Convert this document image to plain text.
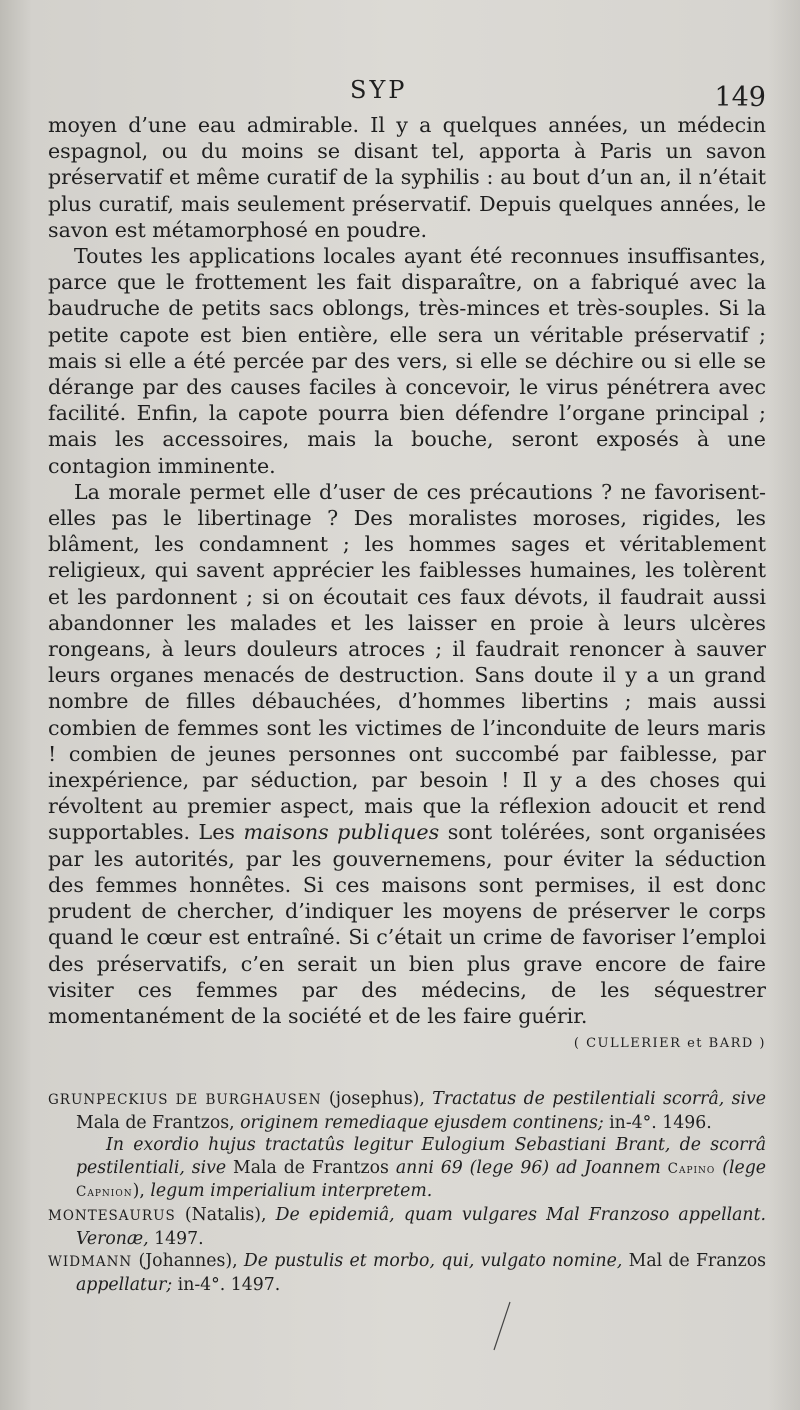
SYP	149

moyen d’une eau admirable. Il y a quelques années, un médecin espagnol, ou du moins se disant tel, apporta à Paris un savon préservatif et même curatif de la syphilis : au bout d’un an, il n’était plus curatif, mais seulement préservatif. Depuis quelques années, le savon est métamorphosé en poudre.

Toutes les applications locales ayant été reconnues insuffisantes, parce que le frottement les fait disparaître, on a fabriqué avec la baudruche de petits sacs oblongs, très-minces et très-souples. Si la petite capote est bien entière, elle sera un véritable préservatif ; mais si elle a été percée par des vers, si elle se déchire ou si elle se dérange par des causes faciles à concevoir, le virus pénétrera avec facilité. Enfin, la capote pourra bien défendre l’organe principal ; mais les accessoires, mais la bouche, seront exposés à une contagion imminente.

La morale permet elle d’user de ces précautions ? ne favorisent-elles pas le libertinage ? Des moralistes moroses, rigides, les blâment, les condamnent ; les hommes sages et véritablement religieux, qui savent apprécier les faiblesses humaines, les tolèrent et les pardonnent ; si on écoutait ces faux dévots, il faudrait aussi abandonner les malades et les laisser en proie à leurs ulcères rongeans, à leurs douleurs atroces ; il faudrait renoncer à sauver leurs organes menacés de destruction. Sans doute il y a un grand nombre de filles débauchées, d’hommes libertins ; mais aussi combien de femmes sont les victimes de l’inconduite de leurs maris ! combien de jeunes personnes ont succombé par faiblesse, par inexpérience, par séduction, par besoin ! Il y a des choses qui révoltent au premier aspect, mais que la réflexion adoucit et rend supportables. Les maisons publiques sont tolérées, sont organisées par les autorités, par les gouvernemens, pour éviter la séduction des femmes honnêtes. Si ces maisons sont permises, il est donc prudent de chercher, d’indiquer les moyens de préserver le corps quand le cœur est entraîné. Si c’était un crime de favoriser l’emploi des préservatifs, c’en serait un bien plus grave encore de faire visiter ces femmes par des médecins, de les séquestrer momentanément de la société et de les faire guérir.

( CULLERIER et BARD )

GRUNPECKIUS DE BURGHAUSEN (josephus), Tractatus de pestilentiali scorrâ, sive Mala de Frantzos, originem remediaque ejusdem continens; in-4°. 1496.

In exordio hujus tractatûs legitur Eulogium Sebastiani Brant, de scorrâ pestilentiali, sive Mala de Frantzos anni 69 (lege 96) ad Joannem Capino (lege Capnion), legum imperialium interpretem.

MONTESAURUS (Natalis), De epidemiâ, quam vulgares Mal Franzoso appellant. Veronæ, 1497.

WIDMANN (Johannes), De pustulis et morbo, qui, vulgato nomine, Mal de Franzos appellatur; in-4°. 1497.
